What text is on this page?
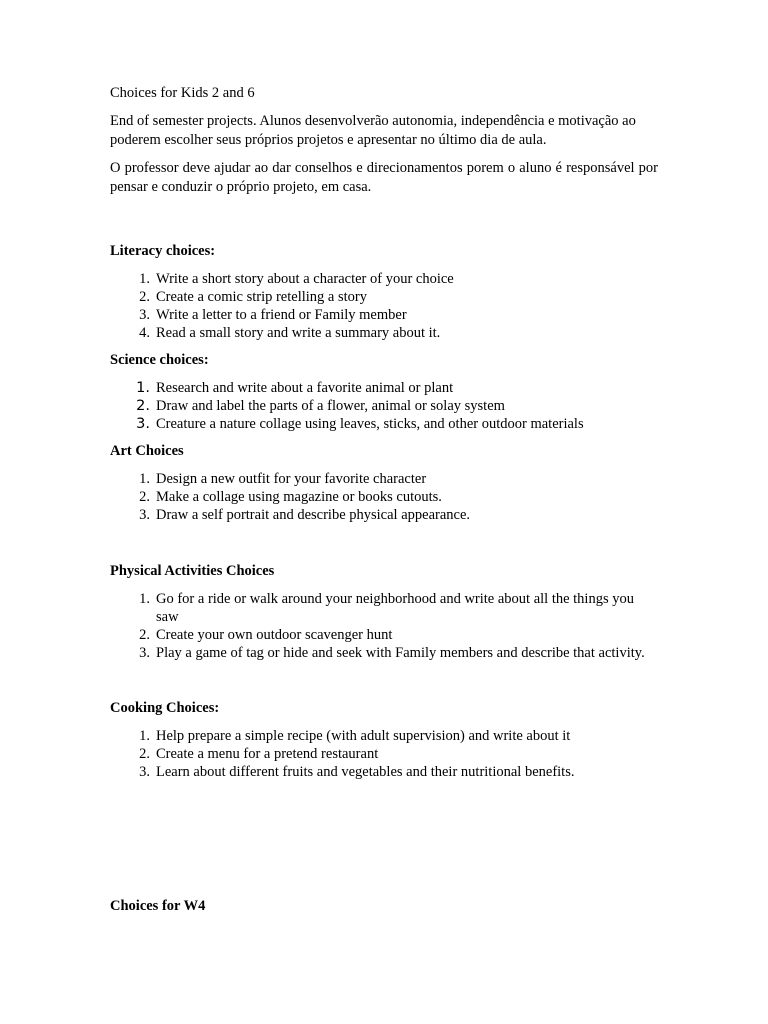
Choices for Kids 2 and 6

End of semester projects. Alunos desenvolverão autonomia, independência e motivação ao poderem escolher seus próprios projetos e apresentar no último dia de aula.

O professor deve ajudar ao dar conselhos e direcionamentos porem o aluno é responsável por pensar e conduzir o próprio projeto, em casa.

Literacy choices:

1. Write a short story about a character of your choice
2. Create a comic strip retelling a story
3. Write a letter to a friend or Family member
4. Read a small story and write a summary about it.

Science choices:

1. Research and write about a favorite animal or plant
2. Draw and label the parts of a flower, animal or solay system
3. Creature a nature collage using leaves, sticks, and other outdoor materials

Art Choices

1. Design a new outfit for your favorite character
2. Make a collage using magazine or books cutouts.
3. Draw a self portrait and describe physical appearance.

Physical Activities Choices

1. Go for a ride or walk around your neighborhood and write about all the things you saw
2. Create your own outdoor scavenger hunt
3. Play a game of tag or hide and seek with Family members and describe that activity.

Cooking Choices:

1. Help prepare a simple recipe (with adult supervision) and write about it
2. Create a menu for a pretend restaurant
3. Learn about different fruits and vegetables and their nutritional benefits.

Choices for W4
